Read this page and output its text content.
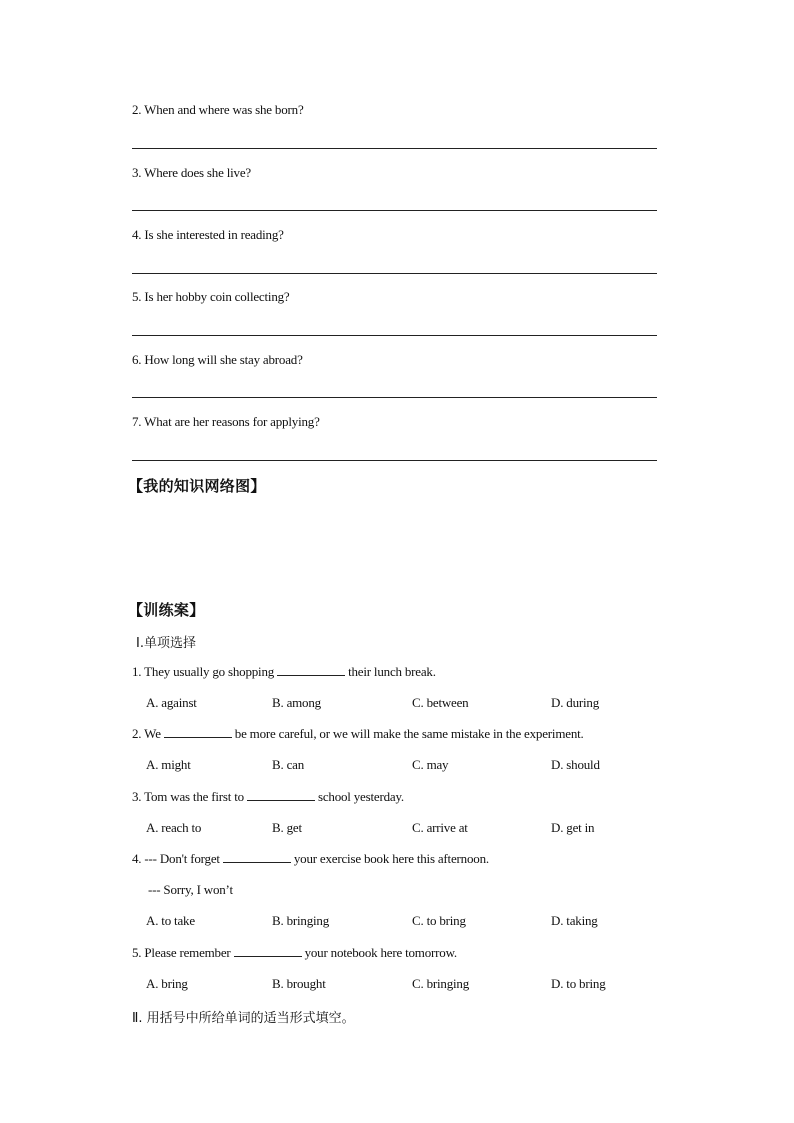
2. When and where was she born?
3. Where does she live?
4. Is she interested in reading?
5. Is her hobby coin collecting?
6. How long will she stay abroad?
7. What are her reasons for applying?
【我的知识网络图】
【训练案】
Ⅰ.单项选择
1. They usually go shopping	their lunch break.
A. against	B. among	C. between	D. during
2. We	be more careful, or we will make the same mistake in the experiment.
A. might	B. can	C. may	D. should
3. Tom was the first to	school yesterday.
A. reach to	B. get	C. arrive at	D. get in
4. --- Don't forget	your exercise book here this afternoon.
--- Sorry, I won’t
A. to take	B. bringing	C. to bring	D. taking
5. Please remember	your notebook here tomorrow.
A. bring	B. brought	C. bringing	D. to bring
Ⅱ. 用括号中所给单词的适当形式填空。
